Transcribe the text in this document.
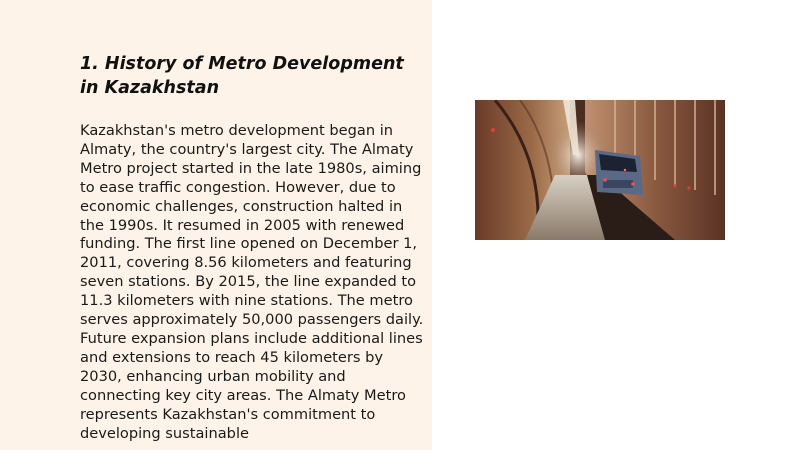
1. History of Metro Development in Kazakhstan

Kazakhstan's metro development began in Almaty, the country's largest city. The Almaty Metro project started in the late 1980s, aiming to ease traffic congestion. However, due to economic challenges, construction halted in the 1990s. It resumed in 2005 with renewed funding. The first line opened on December 1, 2011, covering 8.56 kilometers and featuring seven stations. By 2015, the line expanded to 11.3 kilometers with nine stations. The metro serves approximately 50,000 passengers daily. Future expansion plans include additional lines and extensions to reach 45 kilometers by 2030, enhancing urban mobility and connecting key city areas. The Almaty Metro represents Kazakhstan's commitment to developing sustainable
